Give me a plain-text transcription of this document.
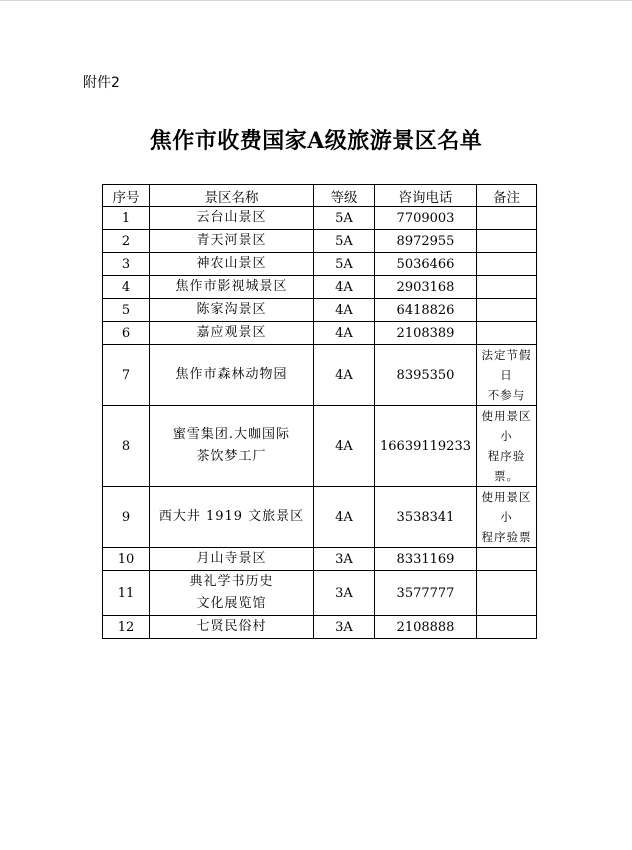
附件2
焦作市收费国家A级旅游景区名单
序号	景区名称	等级	咨询电话	备注
1	云台山景区	5A	7709003	
2	青天河景区	5A	8972955	
3	神农山景区	5A	5036466	
4	焦作市影视城景区	4A	2903168	
5	陈家沟景区	4A	6418826	
6	嘉应观景区	4A	2108389	
7	焦作市森林动物园	4A	8395350	法定节假日
不参与

8	蜜雪集团.大咖国际
茶饮梦工厂	4A	16639119233	使用景区小
程序验票。

9	西大井 1919 文旅景区	4A	3538341	使用景区小
程序验票

10	月山寺景区	3A	8331169	
11	典礼学书历史
文化展览馆	3A	3577777	
12	七贤民俗村	3A	2108888	
